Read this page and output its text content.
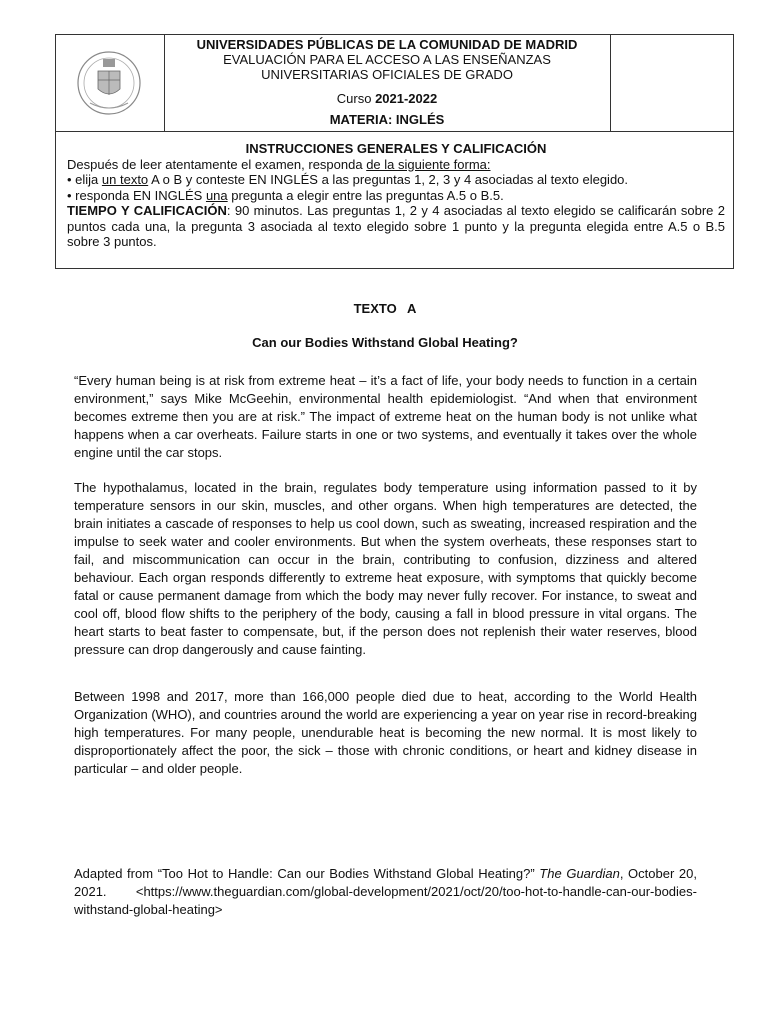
UNIVERSIDADES PÚBLICAS DE LA COMUNIDAD DE MADRID
EVALUACIÓN PARA EL ACCESO A LAS ENSEÑANZAS
UNIVERSITARIAS OFICIALES DE GRADO
Curso 2021-2022
MATERIA: INGLÉS
INSTRUCCIONES GENERALES Y CALIFICACIÓN
Después de leer atentamente el examen, responda de la siguiente forma:
• elija un texto A o B y conteste EN INGLÉS a las preguntas 1, 2, 3 y 4 asociadas al texto elegido.
• responda EN INGLÉS una pregunta a elegir entre las preguntas A.5 o B.5.
TIEMPO Y CALIFICACIÓN: 90 minutos. Las preguntas 1, 2 y 4 asociadas al texto elegido se calificarán sobre 2 puntos cada una, la pregunta 3 asociada al texto elegido sobre 1 punto y la pregunta elegida entre A.5 o B.5 sobre 3 puntos.
TEXTO   A
Can our Bodies Withstand Global Heating?
“Every human being is at risk from extreme heat – it’s a fact of life, your body needs to function in a certain environment,” says Mike McGeehin, environmental health epidemiologist. “And when that environment becomes extreme then you are at risk.” The impact of extreme heat on the human body is not unlike what happens when a car overheats. Failure starts in one or two systems, and eventually it takes over the whole engine until the car stops.
The hypothalamus, located in the brain, regulates body temperature using information passed to it by temperature sensors in our skin, muscles, and other organs. When high temperatures are detected, the brain initiates a cascade of responses to help us cool down, such as sweating, increased respiration and the impulse to seek water and cooler environments. But when the system overheats, these responses start to fail, and miscommunication can occur in the brain, contributing to confusion, dizziness and altered behaviour. Each organ responds differently to extreme heat exposure, with symptoms that quickly become fatal or cause permanent damage from which the body may never fully recover. For instance, to sweat and cool off, blood flow shifts to the periphery of the body, causing a fall in blood pressure in vital organs. The heart starts to beat faster to compensate, but, if the person does not replenish their water reserves, blood pressure can drop dangerously and cause fainting.
Between 1998 and 2017, more than 166,000 people died due to heat, according to the World Health Organization (WHO), and countries around the world are experiencing a year on year rise in record-breaking high temperatures. For many people, unendurable heat is becoming the new normal. It is most likely to disproportionately affect the poor, the sick – those with chronic conditions, or heart and kidney disease in particular – and older people.
Adapted from “Too Hot to Handle: Can our Bodies Withstand Global Heating?” The Guardian, October 20, 2021. <https://www.theguardian.com/global-development/2021/oct/20/too-hot-to-handle-can-our-bodies-withstand-global-heating>
